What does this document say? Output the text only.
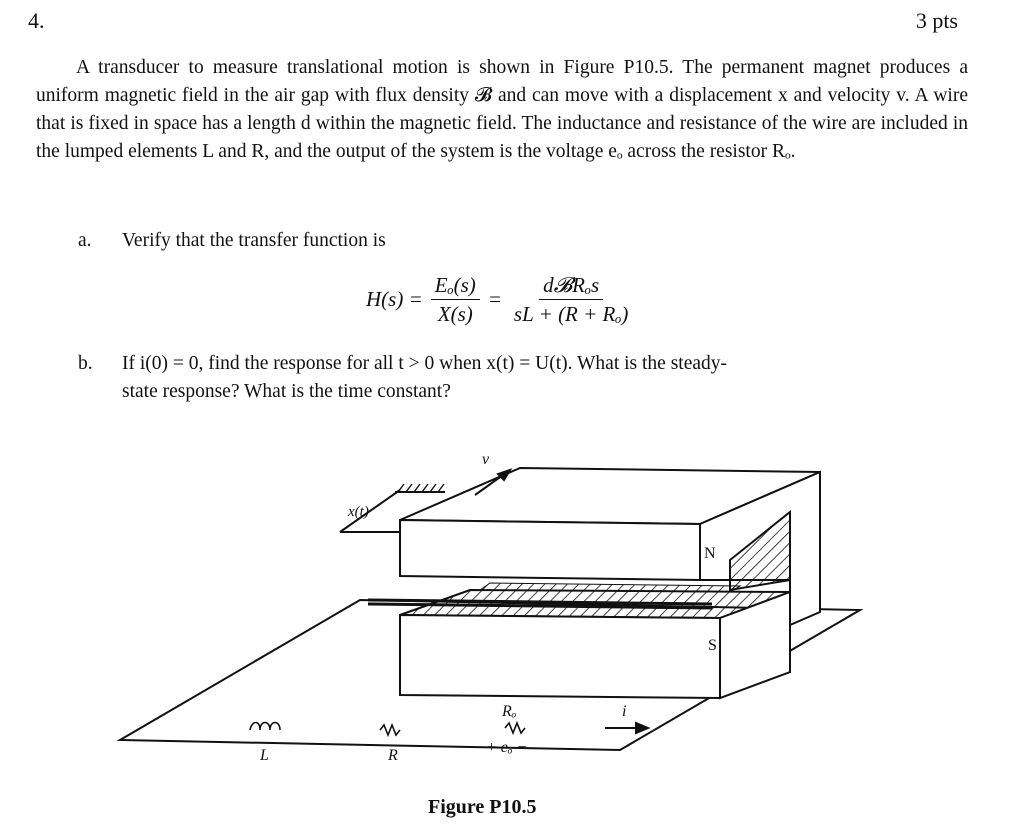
4.	3 pts
A transducer to measure translational motion is shown in Figure P10.5. The permanent magnet produces a uniform magnetic field in the air gap with flux density 𝓑 and can move with a displacement x and velocity v. A wire that is fixed in space has a length d within the magnetic field. The inductance and resistance of the wire are included in the lumped elements L and R, and the output of the system is the voltage eₒ across the resistor Rₒ.
a. Verify that the transfer function is
$H(s) = \frac{\text{Eₒ(s)}}{X(s)} = \frac{\text{d𝓑Rₒs}}{\text{sL + (R + Rₒ)}}$
b. If i(0) = 0, find the response for all t > 0 when x(t) = U(t). What is the steady-
state response? What is the time constant?
x(t)
v
N
S
L	R
Rₒ
+ eₒ −
i
Figure P10.5
